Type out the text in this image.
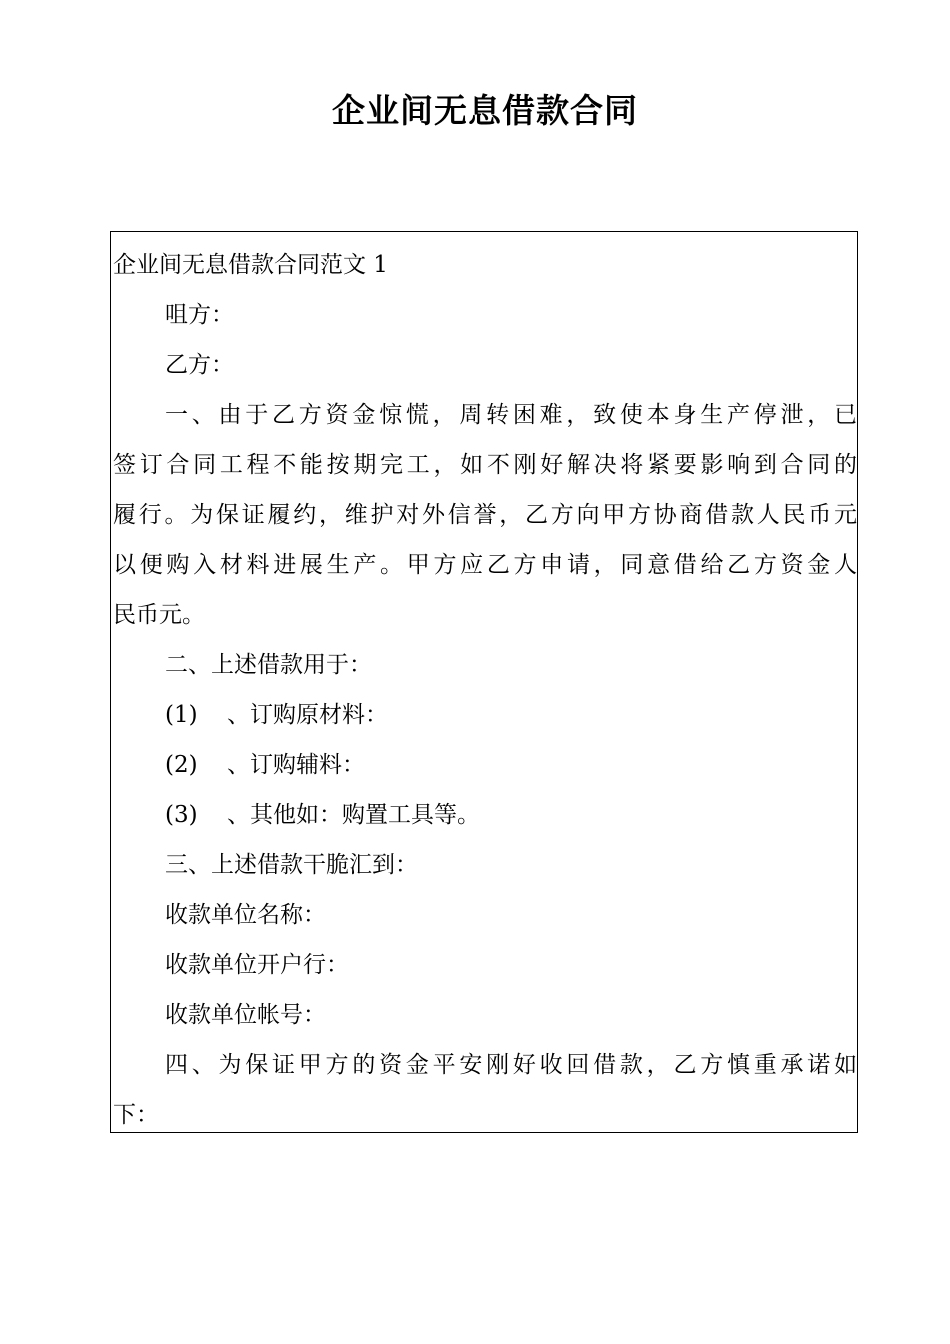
企业间无息借款合同
企业间无息借款合同范文 1
咀方：
乙方：
一、由于乙方资金惊慌，周转困难，致使本身生产停泄，已
签订合同工程不能按期完工，如不刚好解决将紧要影响到合同的
履行。为保证履约，维护对外信誉，乙方向甲方协商借款人民币元
以便购入材料进展生产。甲方应乙方申请，同意借给乙方资金人
民币元。
二、上述借款用于：
(1) 、订购原材料：
(2) 、订购辅料：
(3) 、其他如：购置工具等。
三、上述借款干脆汇到：
收款单位名称：
收款单位开户行：
收款单位帐号：
四、为保证甲方的资金平安刚好收回借款，乙方慎重承诺如
下：
